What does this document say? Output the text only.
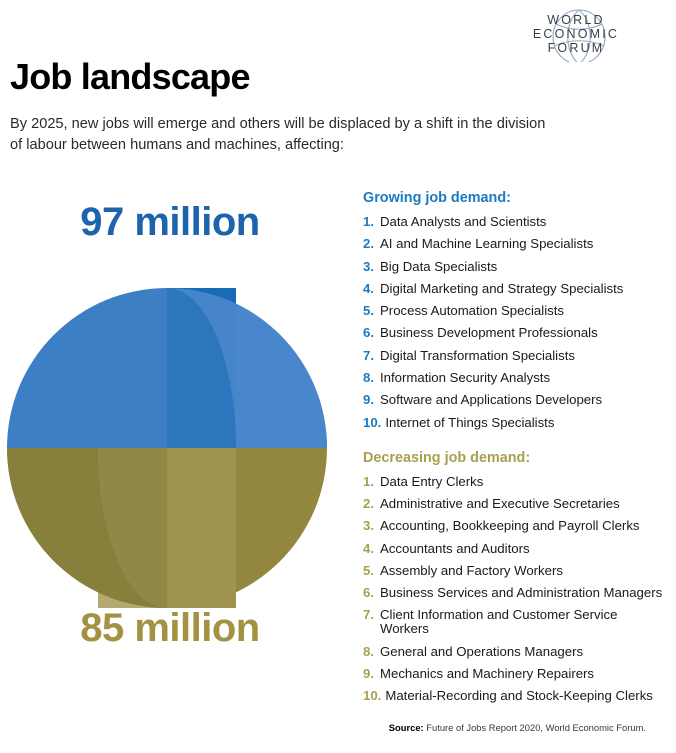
WORLD
ECONOMIC
FORUM
Job landscape
By 2025, new jobs will emerge and others will be displaced by a shift in the division of labour between humans and machines, affecting:
97 million
85 million
Growing job demand:
1. Data Analysts and Scientists
2. AI and Machine Learning Specialists
3. Big Data Specialists
4. Digital Marketing and Strategy Specialists
5. Process Automation Specialists
6. Business Development Professionals
7. Digital Transformation Specialists
8. Information Security Analysts
9. Software and Applications Developers
10. Internet of Things Specialists
Decreasing job demand:
1. Data Entry Clerks
2. Administrative and Executive Secretaries
3. Accounting, Bookkeeping and Payroll Clerks
4. Accountants and Auditors
5. Assembly and Factory Workers
6. Business Services and Administration Managers
7. Client Information and Customer Service Workers
8. General and Operations Managers
9. Mechanics and Machinery Repairers
10. Material-Recording and Stock-Keeping Clerks
Source: Future of Jobs Report 2020, World Economic Forum.
